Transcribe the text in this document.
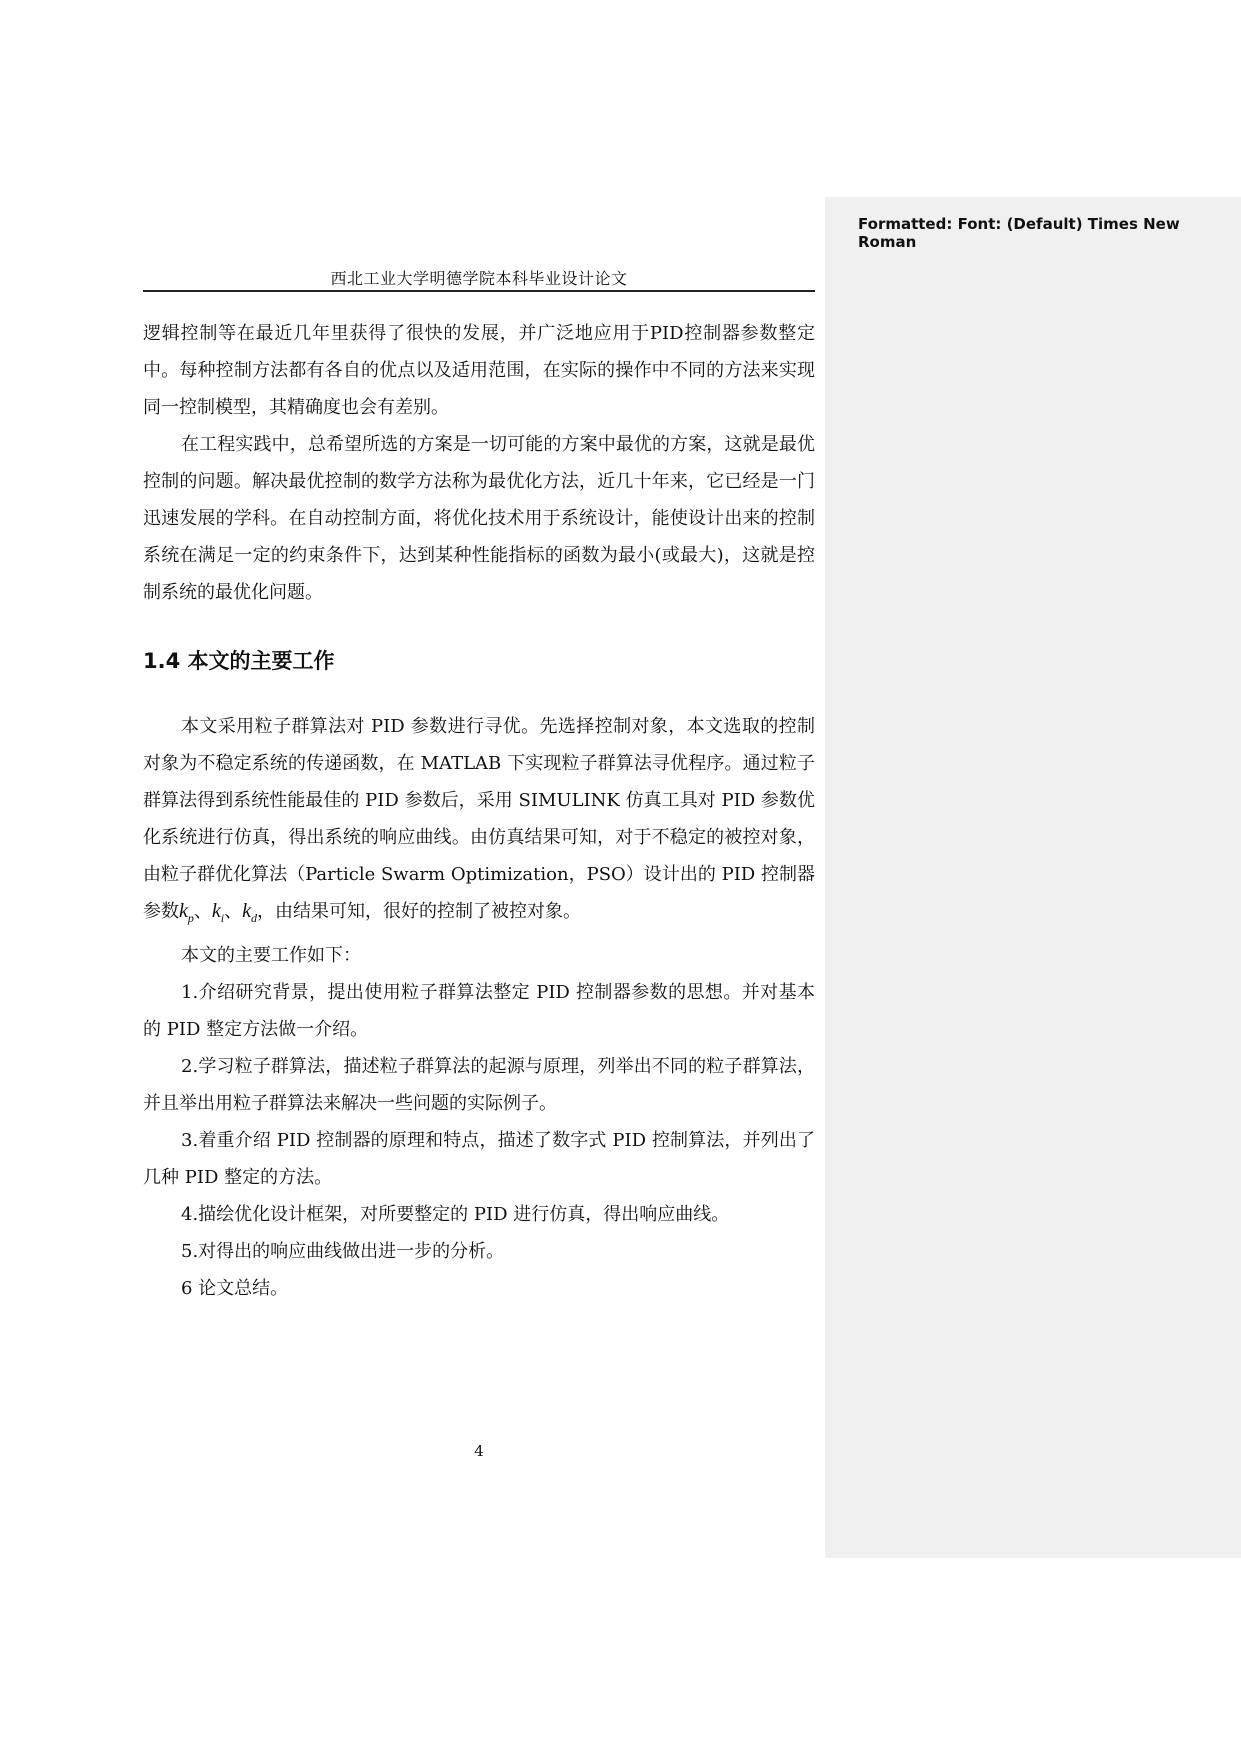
Formatted: Font: (Default) Times New Roman
西北工业大学明德学院本科毕业设计论文

逻辑控制等在最近几年里获得了很快的发展，并广泛地应用于PID控制器参数整定中。每种控制方法都有各自的优点以及适用范围，在实际的操作中不同的方法来实现同一控制模型，其精确度也会有差别。

在工程实践中，总希望所选的方案是一切可能的方案中最优的方案，这就是最优控制的问题。解决最优控制的数学方法称为最优化方法，近几十年来，它已经是一门迅速发展的学科。在自动控制方面，将优化技术用于系统设计，能使设计出来的控制系统在满足一定的约束条件下，达到某种性能指标的函数为最小(或最大)，这就是控制系统的最优化问题。

1.4 本文的主要工作

本文采用粒子群算法对 PID 参数进行寻优。先选择控制对象，本文选取的控制对象为不稳定系统的传递函数，在 MATLAB 下实现粒子群算法寻优程序。通过粒子群算法得到系统性能最佳的 PID 参数后，采用 SIMULINK 仿真工具对 PID 参数优化系统进行仿真，得出系统的响应曲线。由仿真结果可知，对于不稳定的被控对象，由粒子群优化算法（Particle Swarm Optimization，PSO）设计出的 PID 控制器参数$k_p$、$k_i$、$k_d$，由结果可知，很好的控制了被控对象。

本文的主要工作如下：

1.介绍研究背景，提出使用粒子群算法整定 PID 控制器参数的思想。并对基本的 PID 整定方法做一介绍。

2.学习粒子群算法，描述粒子群算法的起源与原理，列举出不同的粒子群算法，并且举出用粒子群算法来解决一些问题的实际例子。

3.着重介绍 PID 控制器的原理和特点，描述了数字式 PID 控制算法，并列出了几种 PID 整定的方法。

4.描绘优化设计框架，对所要整定的 PID 进行仿真，得出响应曲线。

5.对得出的响应曲线做出进一步的分析。

6 论文总结。

4
